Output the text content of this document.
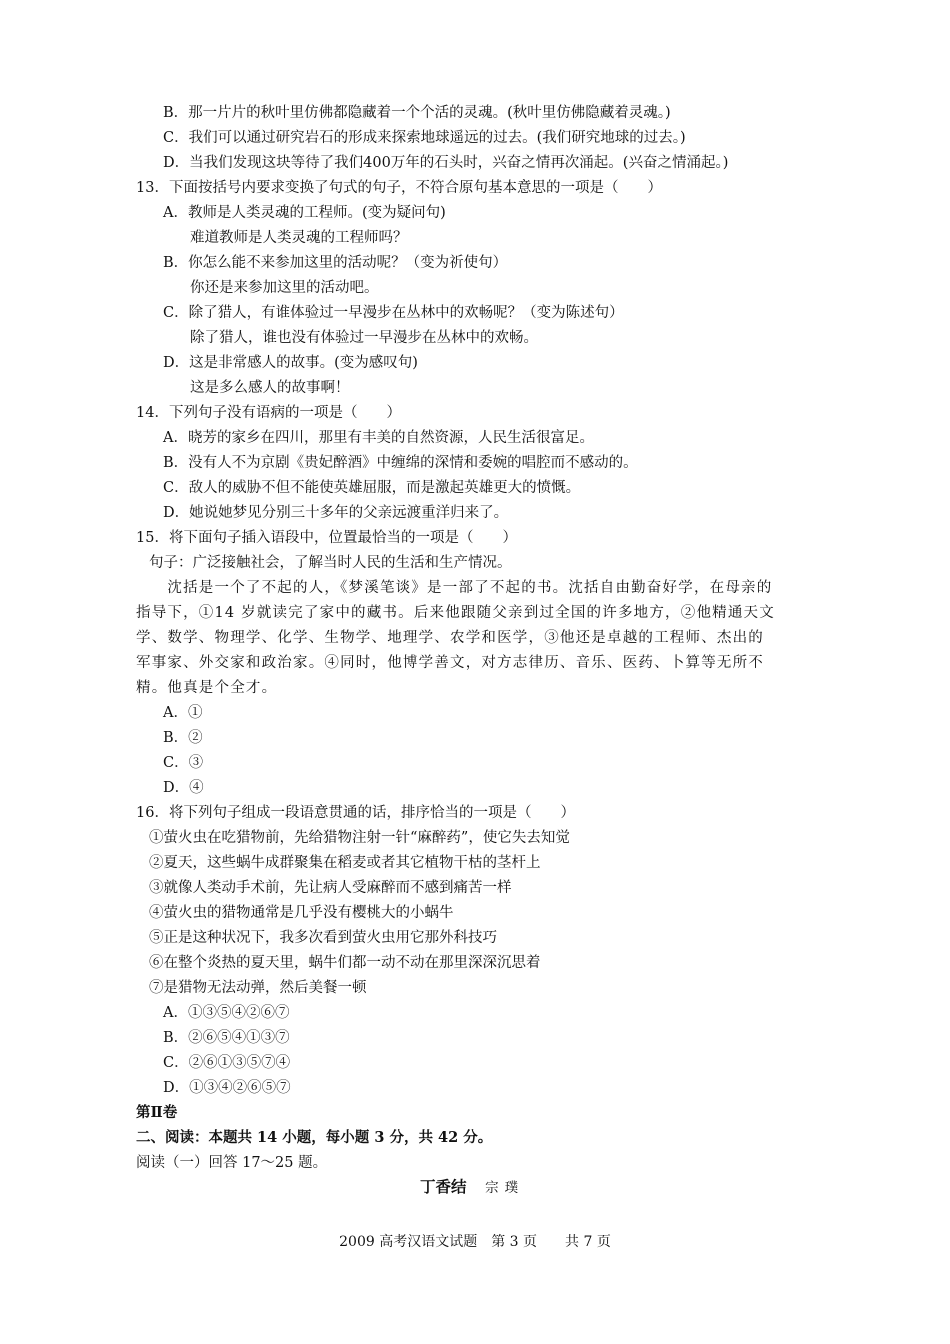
B．那一片片的秋叶里仿佛都隐藏着一个个活的灵魂。(秋叶里仿佛隐藏着灵魂。)
C．我们可以通过研究岩石的形成来探索地球遥远的过去。(我们研究地球的过去。)
D．当我们发现这块等待了我们400万年的石头时，兴奋之情再次涌起。(兴奋之情涌起。)
13．下面按括号内要求变换了句式的句子，不符合原句基本意思的一项是（　　）
A．教师是人类灵魂的工程师。(变为疑问句)
难道教师是人类灵魂的工程师吗？
B．你怎么能不来参加这里的活动呢？（变为祈使句）
你还是来参加这里的活动吧。
C．除了猎人，有谁体验过一早漫步在丛林中的欢畅呢？（变为陈述句）
除了猎人，谁也没有体验过一早漫步在丛林中的欢畅。
D．这是非常感人的故事。(变为感叹句)
这是多么感人的故事啊！
14．下列句子没有语病的一项是（　　）
A．晓芳的家乡在四川，那里有丰美的自然资源，人民生活很富足。
B．没有人不为京剧《贵妃醉酒》中缠绵的深情和委婉的唱腔而不感动的。
C．敌人的威胁不但不能使英雄屈服，而是激起英雄更大的愤慨。
D．她说她梦见分别三十多年的父亲远渡重洋归来了。
15．将下面句子插入语段中，位置最恰当的一项是（　　）
句子：广泛接触社会，了解当时人民的生活和生产情况。
　　沈括是一个了不起的人，《梦溪笔谈》是一部了不起的书。沈括自由勤奋好学，在母亲的
指导下，①14 岁就读完了家中的藏书。后来他跟随父亲到过全国的许多地方，②他精通天文
学、数学、物理学、化学、生物学、地理学、农学和医学，③他还是卓越的工程师、杰出的
军事家、外交家和政治家。④同时，他博学善文，对方志律历、音乐、医药、卜算等无所不
精。他真是个全才。
A．①
B．②
C．③
D．④
16．将下列句子组成一段语意贯通的话，排序恰当的一项是（　　）
①萤火虫在吃猎物前，先给猎物注射一针“麻醉药”，使它失去知觉
②夏天，这些蜗牛成群聚集在稻麦或者其它植物干枯的茎杆上
③就像人类动手术前，先让病人受麻醉而不感到痛苦一样
④萤火虫的猎物通常是几乎没有樱桃大的小蜗牛
⑤正是这种状况下，我多次看到萤火虫用它那外科技巧
⑥在整个炎热的夏天里，蜗牛们都一动不动在那里深深沉思着
⑦是猎物无法动弹，然后美餐一顿
A．①③⑤④②⑥⑦
B．②⑥⑤④①③⑦
C．②⑥①③⑤⑦④
D．①③④②⑥⑤⑦
第Ⅱ卷
二、阅读：本题共 14 小题，每小题 3 分，共 42 分。
阅读（一）回答 17～25 题。
丁香结 宗璞
2009 高考汉语文试题　第 3 页　　共 7 页
